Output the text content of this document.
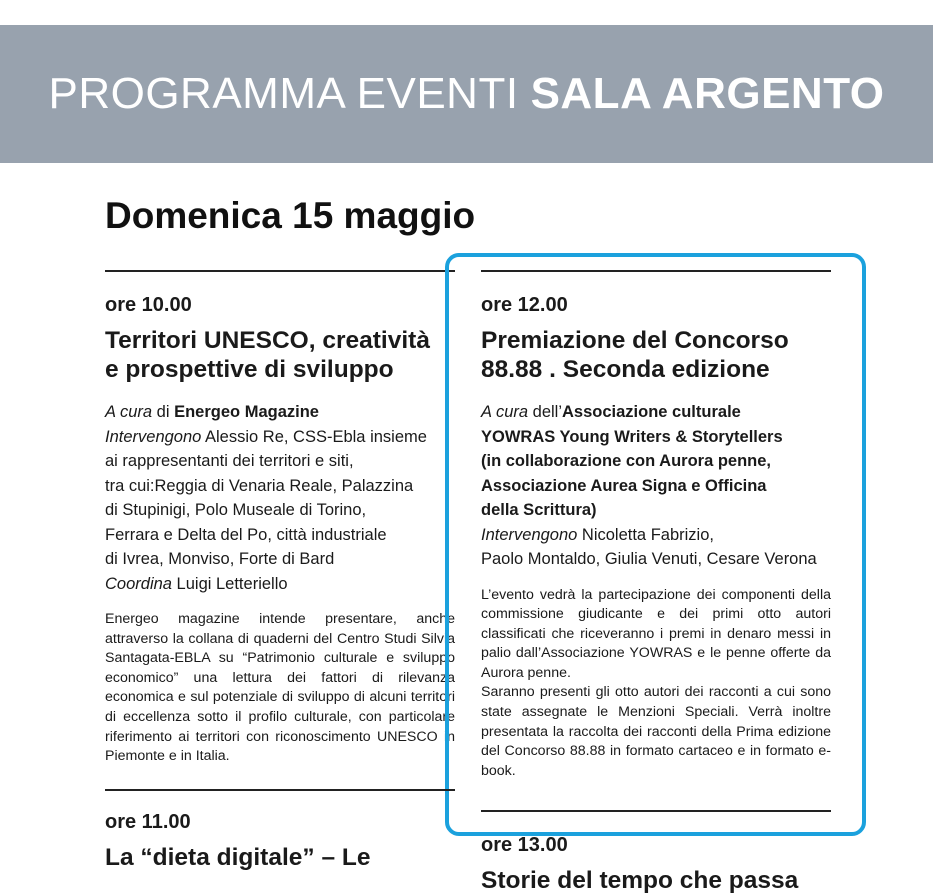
PROGRAMMA EVENTI SALA ARGENTO
Domenica 15 maggio
ore 10.00
Territori UNESCO, creatività
e prospettive di sviluppo
A cura di Energeo Magazine
Intervengono Alessio Re, CSS-Ebla insieme
ai rappresentanti dei territori e siti,
tra cui:Reggia di Venaria Reale, Palazzina
di Stupinigi, Polo Museale di Torino,
Ferrara e Delta del Po, città industriale
di Ivrea, Monviso, Forte di Bard
Coordina Luigi Letteriello

Energeo magazine intende presentare, anche attraverso la collana di quaderni del Centro Studi Silvia Santagata-EBLA su “Patrimonio culturale e sviluppo economico” una lettura dei fattori di rilevanza economica e sul potenziale di sviluppo di alcuni territori di eccellenza sotto il profilo culturale, con particolare riferimento ai territori con riconoscimento UNESCO in Piemonte e in Italia.

ore 12.00
Premiazione del Concorso
88.88 . Seconda edizione
A cura dell’Associazione culturale
YOWRAS Young Writers & Storytellers
(in collaborazione con Aurora penne,
Associazione Aurea Signa e Officina
della Scrittura)
Intervengono Nicoletta Fabrizio,
Paolo Montaldo, Giulia Venuti, Cesare Verona

L’evento vedrà la partecipazione dei componenti della commissione giudicante e dei primi otto autori classificati che riceveranno i premi in denaro messi in palio dall’Associazione YOWRAS e le penne offerte da Aurora penne.

Saranno presenti gli otto autori dei racconti a cui sono state assegnate le Menzioni Speciali. Verrà inoltre presentata la raccolta dei racconti della Prima edizione del Concorso 88.88 in formato cartaceo e in formato e-book.

ore 11.00
La “dieta digitale” – Le	ore 13.00
Storie del tempo che passa
